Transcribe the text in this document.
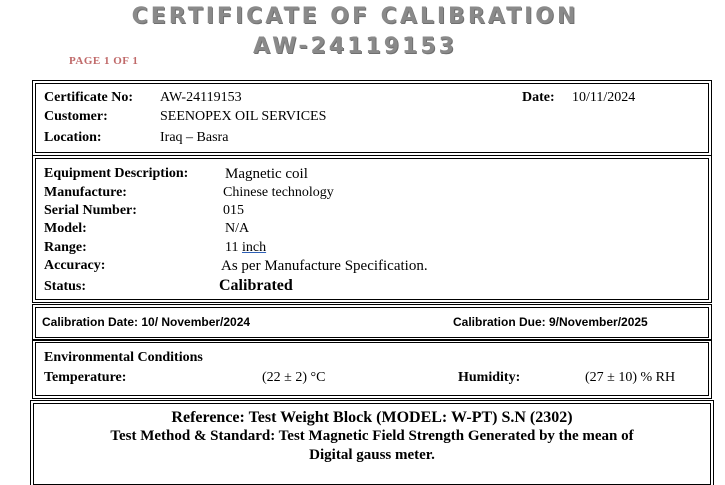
CERTIFICATE OF CALIBRATION
AW-24119153
PAGE 1 OF 1
Certificate No: AW-24119153	Date: 10/11/2024
Customer:	SEENOPEX OIL SERVICES
Location:	Iraq – Basra
Equipment Description: Magnetic coil
Manufacture:	Chinese technology
Serial Number:	015
Model:	N/A
Range:	11 inch
Accuracy:	As per Manufacture Specification.
Status:	Calibrated
Calibration Date: 10/ November/2024	Calibration Due: 9/November/2025
Environmental Conditions
Temperature:	(22 ± 2) °C	Humidity:	(27 ± 10) % RH
Reference: Test Weight Block (MODEL: W-PT) S.N (2302)
Test Method & Standard: Test Magnetic Field Strength Generated by the mean of
Digital gauss meter.
